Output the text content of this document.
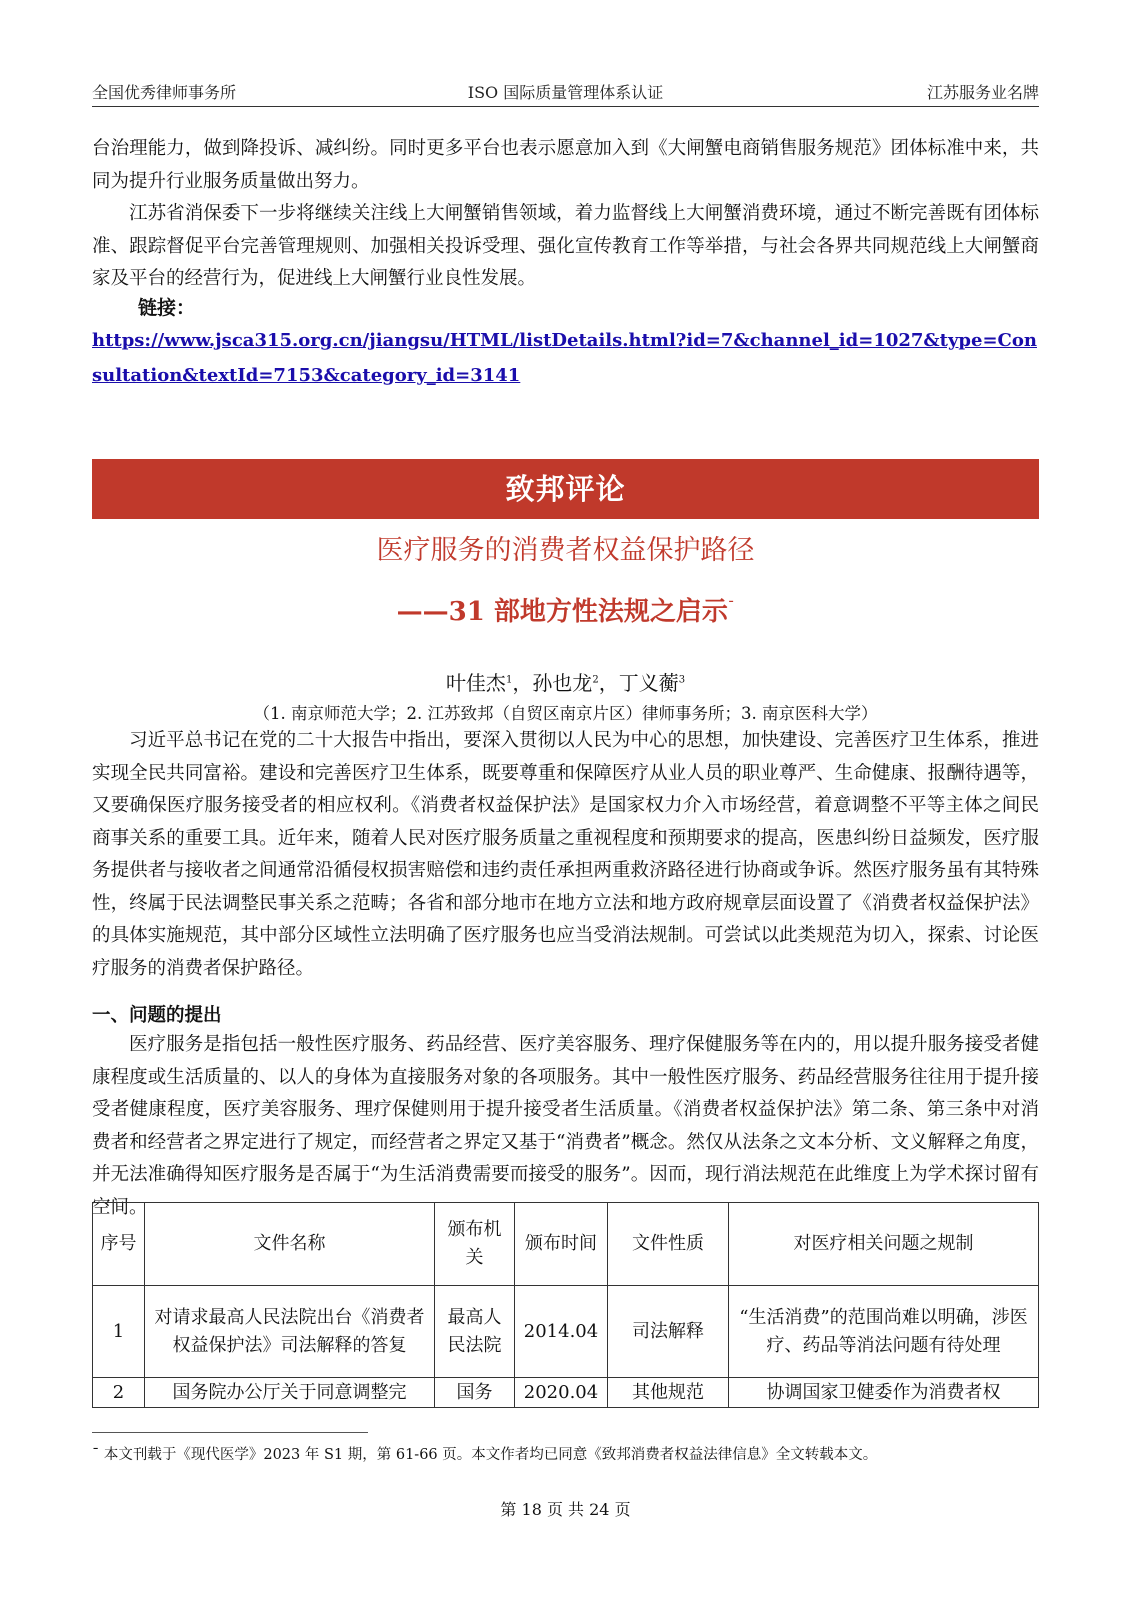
全国优秀律师事务所	ISO 国际质量管理体系认证	江苏服务业名牌

台治理能力，做到降投诉、减纠纷。同时更多平台也表示愿意加入到《大闸蟹电商销售服务规范》团体标准中来，共同为提升行业服务质量做出努力。

江苏省消保委下一步将继续关注线上大闸蟹销售领域，着力监督线上大闸蟹消费环境，通过不断完善既有团体标准、跟踪督促平台完善管理规则、加强相关投诉受理、强化宣传教育工作等举措，与社会各界共同规范线上大闸蟹商家及平台的经营行为，促进线上大闸蟹行业良性发展。

链接：

https://www.jsca315.org.cn/jiangsu/HTML/listDetails.html?id=7&channel_id=1027&type=Consultation&textId=7153&category_id=3141

致邦评论
医疗服务的消费者权益保护路径
——31 部地方性法规之启示¯
叶佳杰$^1$，孙也龙$^2$，丁义蘅$^3$
（1. 南京师范大学；2. 江苏致邦（自贸区南京片区）律师事务所；3. 南京医科大学）

习近平总书记在党的二十大报告中指出，要深入贯彻以人民为中心的思想，加快建设、完善医疗卫生体系，推进实现全民共同富裕。建设和完善医疗卫生体系，既要尊重和保障医疗从业人员的职业尊严、生命健康、报酬待遇等，又要确保医疗服务接受者的相应权利。《消费者权益保护法》是国家权力介入市场经营，着意调整不平等主体之间民商事关系的重要工具。近年来，随着人民对医疗服务质量之重视程度和预期要求的提高，医患纠纷日益频发，医疗服务提供者与接收者之间通常沿循侵权损害赔偿和违约责任承担两重救济路径进行协商或争诉。然医疗服务虽有其特殊性，终属于民法调整民事关系之范畴；各省和部分地市在地方立法和地方政府规章层面设置了《消费者权益保护法》的具体实施规范，其中部分区域性立法明确了医疗服务也应当受消法规制。可尝试以此类规范为切入，探索、讨论医疗服务的消费者保护路径。

一、问题的提出

医疗服务是指包括一般性医疗服务、药品经营、医疗美容服务、理疗保健服务等在内的，用以提升服务接受者健康程度或生活质量的、以人的身体为直接服务对象的各项服务。其中一般性医疗服务、药品经营服务往往用于提升接受者健康程度，医疗美容服务、理疗保健则用于提升接受者生活质量。《消费者权益保护法》第二条、第三条中对消费者和经营者之界定进行了规定，而经营者之界定又基于“消费者”概念。然仅从法条之文本分析、文义解释之角度，并无法准确得知医疗服务是否属于“为生活消费需要而接受的服务”。因而，现行消法规范在此维度上为学术探讨留有空间。

序号	文件名称	颁布机关	颁布时间	文件性质	对医疗相关问题之规制
1	对请求最高人民法院出台《消费者权益保护法》司法解释的答复	最高人民法院	2014.04	司法解释	“生活消费”的范围尚难以明确，涉医疗、药品等消法问题有待处理
2	国务院办公厅关于同意调整完	国务	2020.04	其他规范	协调国家卫健委作为消费者权
¯ 本文刊载于《现代医学》2023 年 S1 期，第 61-66 页。本文作者均已同意《致邦消费者权益法律信息》全文转载本文。
第 18 页 共 24 页
